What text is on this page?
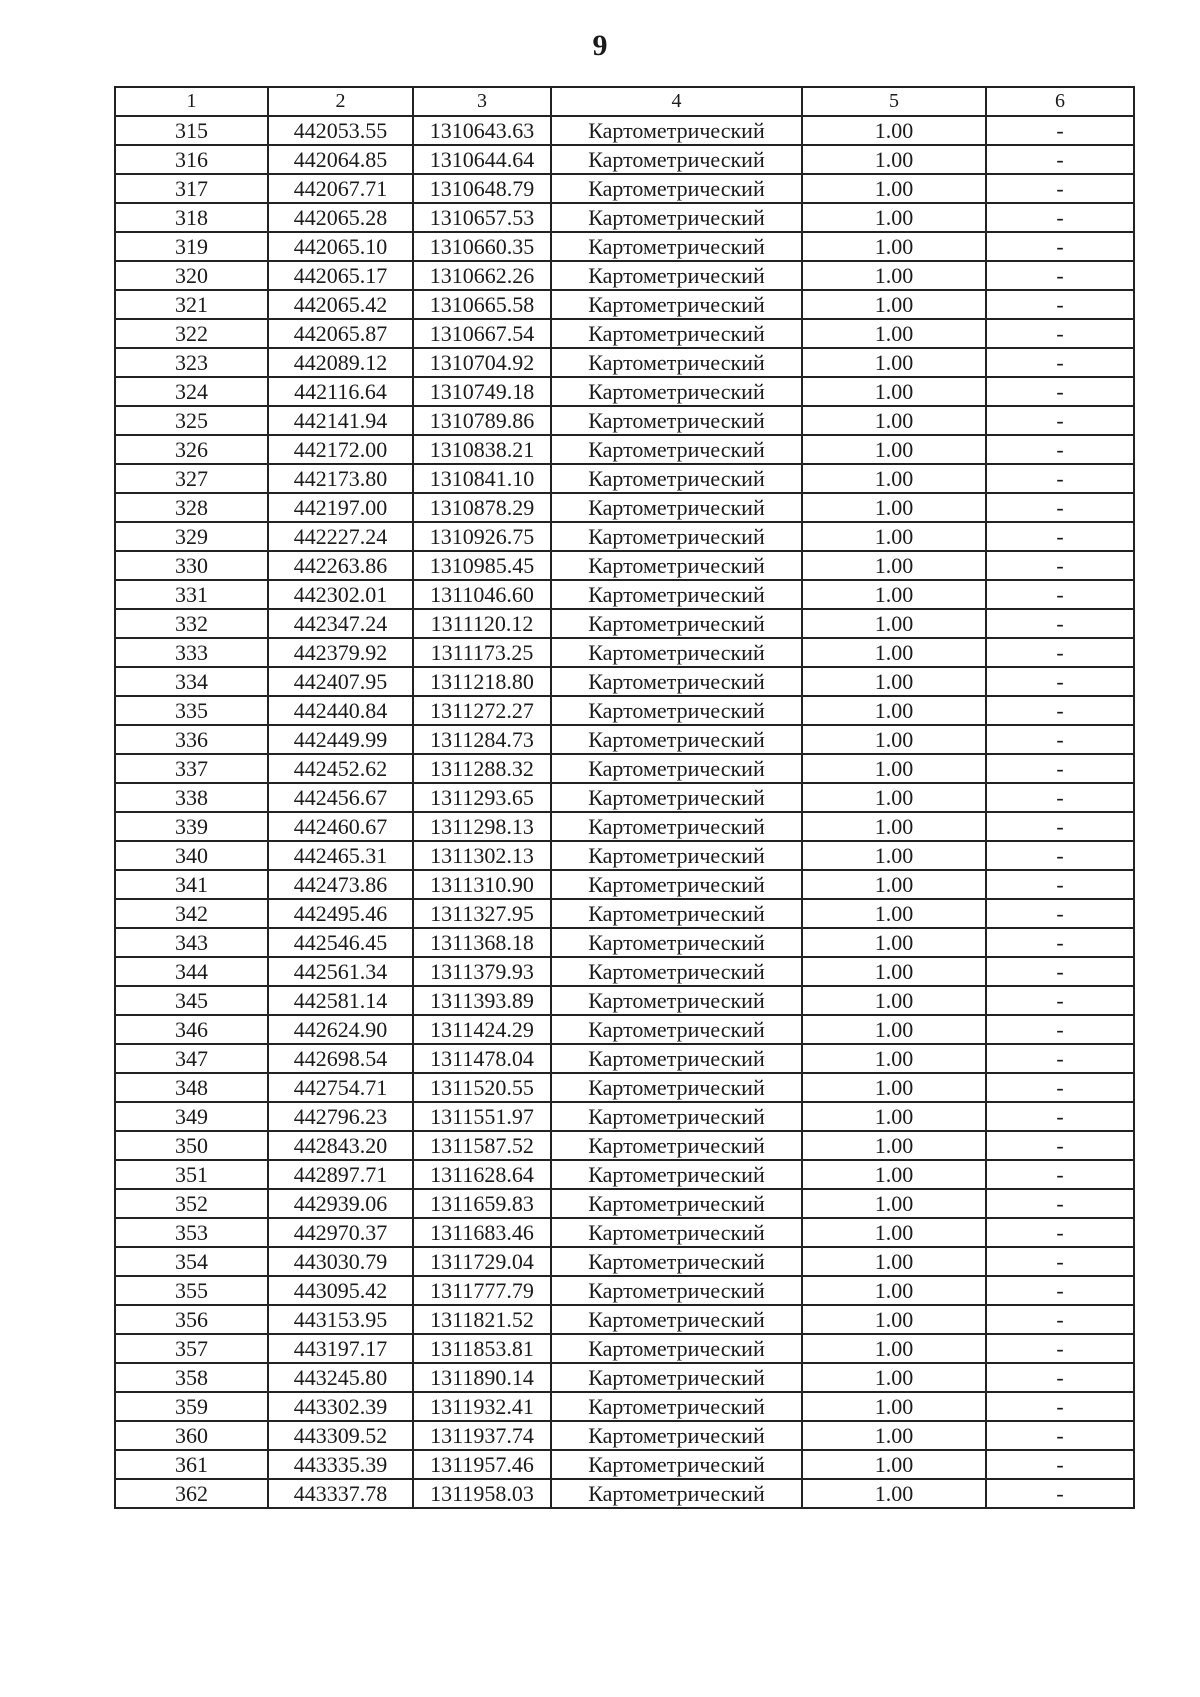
9
1	2	3	4	5	6
315	442053.55	1310643.63	Картометрический	1.00	-
316	442064.85	1310644.64	Картометрический	1.00	-
317	442067.71	1310648.79	Картометрический	1.00	-
318	442065.28	1310657.53	Картометрический	1.00	-
319	442065.10	1310660.35	Картометрический	1.00	-
320	442065.17	1310662.26	Картометрический	1.00	-
321	442065.42	1310665.58	Картометрический	1.00	-
322	442065.87	1310667.54	Картометрический	1.00	-
323	442089.12	1310704.92	Картометрический	1.00	-
324	442116.64	1310749.18	Картометрический	1.00	-
325	442141.94	1310789.86	Картометрический	1.00	-
326	442172.00	1310838.21	Картометрический	1.00	-
327	442173.80	1310841.10	Картометрический	1.00	-
328	442197.00	1310878.29	Картометрический	1.00	-
329	442227.24	1310926.75	Картометрический	1.00	-
330	442263.86	1310985.45	Картометрический	1.00	-
331	442302.01	1311046.60	Картометрический	1.00	-
332	442347.24	1311120.12	Картометрический	1.00	-
333	442379.92	1311173.25	Картометрический	1.00	-
334	442407.95	1311218.80	Картометрический	1.00	-
335	442440.84	1311272.27	Картометрический	1.00	-
336	442449.99	1311284.73	Картометрический	1.00	-
337	442452.62	1311288.32	Картометрический	1.00	-
338	442456.67	1311293.65	Картометрический	1.00	-
339	442460.67	1311298.13	Картометрический	1.00	-
340	442465.31	1311302.13	Картометрический	1.00	-
341	442473.86	1311310.90	Картометрический	1.00	-
342	442495.46	1311327.95	Картометрический	1.00	-
343	442546.45	1311368.18	Картометрический	1.00	-
344	442561.34	1311379.93	Картометрический	1.00	-
345	442581.14	1311393.89	Картометрический	1.00	-
346	442624.90	1311424.29	Картометрический	1.00	-
347	442698.54	1311478.04	Картометрический	1.00	-
348	442754.71	1311520.55	Картометрический	1.00	-
349	442796.23	1311551.97	Картометрический	1.00	-
350	442843.20	1311587.52	Картометрический	1.00	-
351	442897.71	1311628.64	Картометрический	1.00	-
352	442939.06	1311659.83	Картометрический	1.00	-
353	442970.37	1311683.46	Картометрический	1.00	-
354	443030.79	1311729.04	Картометрический	1.00	-
355	443095.42	1311777.79	Картометрический	1.00	-
356	443153.95	1311821.52	Картометрический	1.00	-
357	443197.17	1311853.81	Картометрический	1.00	-
358	443245.80	1311890.14	Картометрический	1.00	-
359	443302.39	1311932.41	Картометрический	1.00	-
360	443309.52	1311937.74	Картометрический	1.00	-
361	443335.39	1311957.46	Картометрический	1.00	-
362	443337.78	1311958.03	Картометрический	1.00	-
